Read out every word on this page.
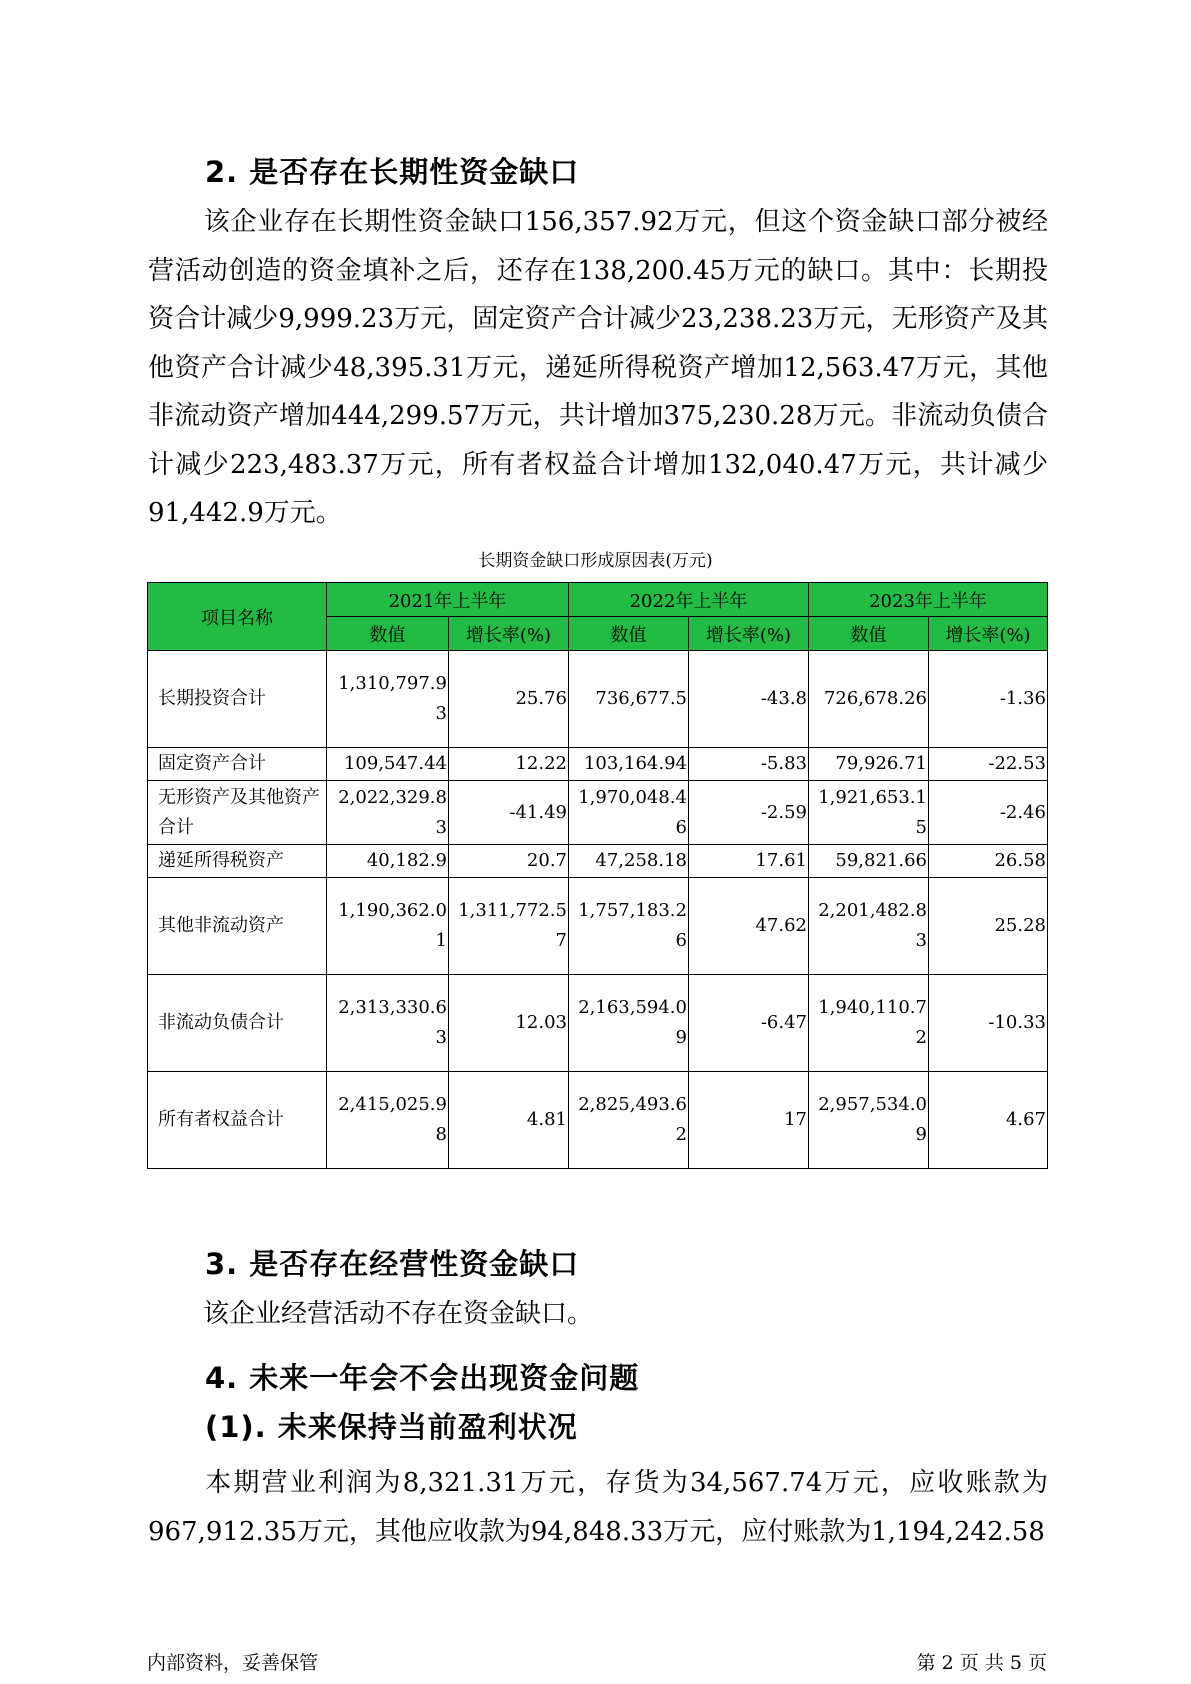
2. 是否存在长期性资金缺口

该企业存在长期性资金缺口156,357.92万元，但这个资金缺口部分被经营活动创造的资金填补之后，还存在138,200.45万元的缺口。其中：长期投资合计减少9,999.23万元，固定资产合计减少23,238.23万元，无形资产及其他资产合计减少48,395.31万元，递延所得税资产增加12,563.47万元，其他非流动资产增加444,299.57万元，共计增加375,230.28万元。非流动负债合计减少223,483.37万元，所有者权益合计增加132,040.47万元，共计减少91,442.9万元。

长期资金缺口形成原因表(万元)
项目名称	2021年上半年		2022年上半年		2023年上半年	
	数值	增长率(%)	数值	增长率(%)	数值	增长率(%)
长期投资合计	1,310,797.93	25.76	736,677.5	-43.8	726,678.26	-1.36
固定资产合计	109,547.44	12.22	103,164.94	-5.83	79,926.71	-22.53
无形资产及其他资产合计	2,022,329.83	-41.49	1,970,048.46	-2.59	1,921,653.15	-2.46
递延所得税资产	40,182.9	20.7	47,258.18	17.61	59,821.66	26.58
其他非流动资产	1,190,362.01	1,311,772.57	1,757,183.26	47.62	2,201,482.83	25.28
非流动负债合计	2,313,330.63	12.03	2,163,594.09	-6.47	1,940,110.72	-10.33
所有者权益合计	2,415,025.98	4.81	2,825,493.62	17	2,957,534.09	4.67
3. 是否存在经营性资金缺口

该企业经营活动不存在资金缺口。

4. 未来一年会不会出现资金问题
(1). 未来保持当前盈利状况

本期营业利润为8,321.31万元，存货为34,567.74万元，应收账款为967,912.35万元，其他应收款为94,848.33万元，应付账款为1,194,242.58

内部资料，妥善保管	第 2 页 共 5 页
